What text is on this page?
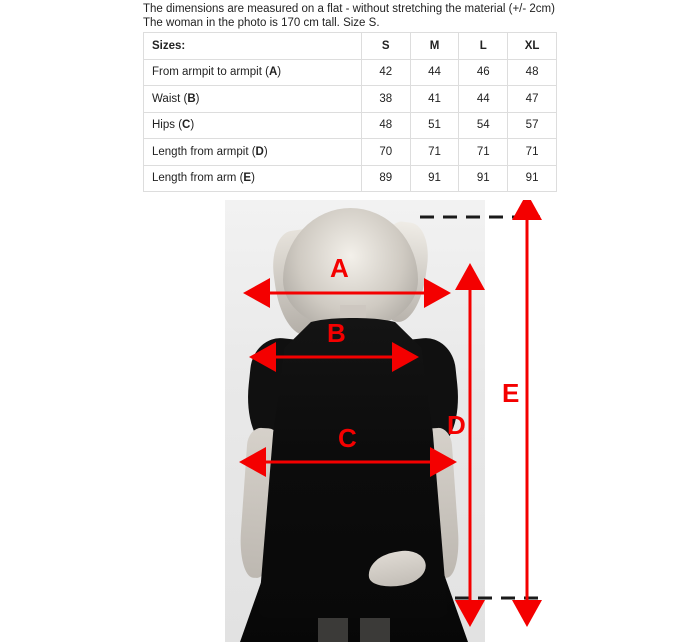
The dimensions are measured on a flat - without stretching the material (+/- 2cm)
The woman in the photo is 170 cm tall. Size S.
Sizes:	S	M	L	XL
From armpit to armpit (A)	42	44	46	48
Waist (B)	38	41	44	47
Hips (C)	48	51	54	57
Length from armpit (D)	70	71	71	71
Length from arm (E)	89	91	91	91
A
B
C	D
E
